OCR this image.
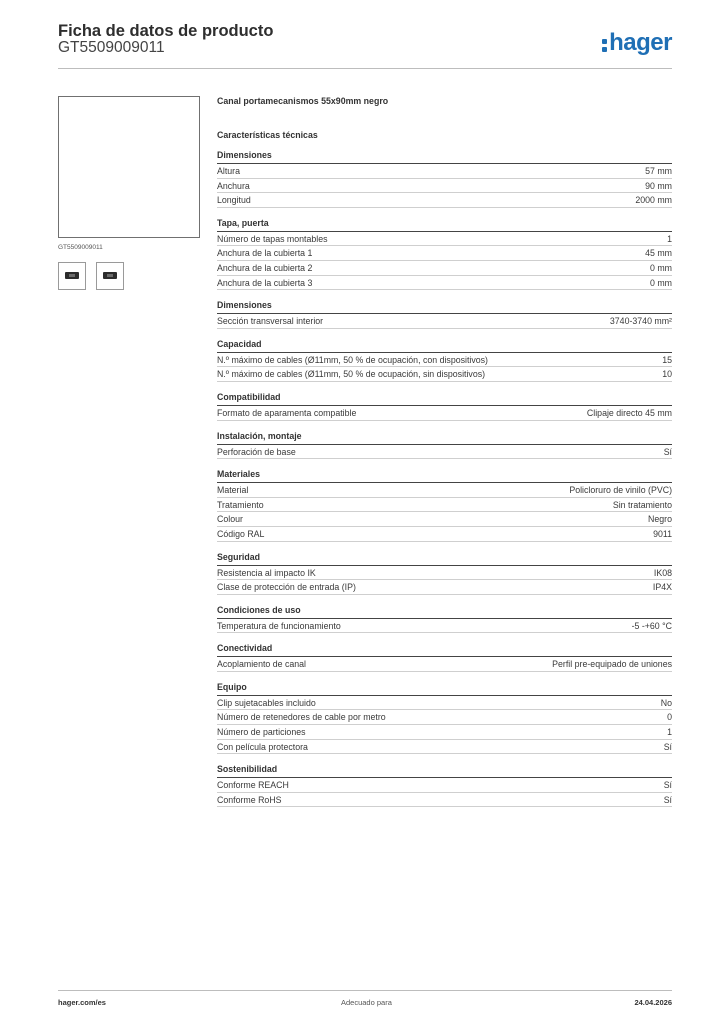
Ficha de datos de producto
GT5509009011	hager
GT5509009011
Canal portamecanismos 55x90mm negro
Características técnicas
Dimensiones
Altura	57 mm
Anchura	90 mm
Longitud	2000 mm
Tapa, puerta
Número de tapas montables	1
Anchura de la cubierta 1	45 mm
Anchura de la cubierta 2	0 mm
Anchura de la cubierta 3	0 mm
Dimensiones
Sección transversal interior	3740-3740 mm²
Capacidad
N.º máximo de cables (Ø11mm, 50 % de ocupación, con dispositivos)	15
N.º máximo de cables (Ø11mm, 50 % de ocupación, sin dispositivos)	10
Compatibilidad
Formato de aparamenta compatible	Clipaje directo 45 mm
Instalación, montaje
Perforación de base	Sí
Materiales
Material	Policloruro de vinilo (PVC)
Tratamiento	Sin tratamiento
Colour	Negro
Código RAL	9011
Seguridad
Resistencia al impacto IK	IK08
Clase de protección de entrada (IP)	IP4X
Condiciones de uso
Temperatura de funcionamiento	-5 -+60 °C
Conectividad
Acoplamiento de canal	Perfil pre-equipado de uniones
Equipo
Clip sujetacables incluido	No
Número de retenedores de cable por metro	0
Número de particiones	1
Con película protectora	Sí
Sostenibilidad
Conforme REACH	Sí
Conforme RoHS	Sí
hager.com/es	Adecuado para	24.04.2026
